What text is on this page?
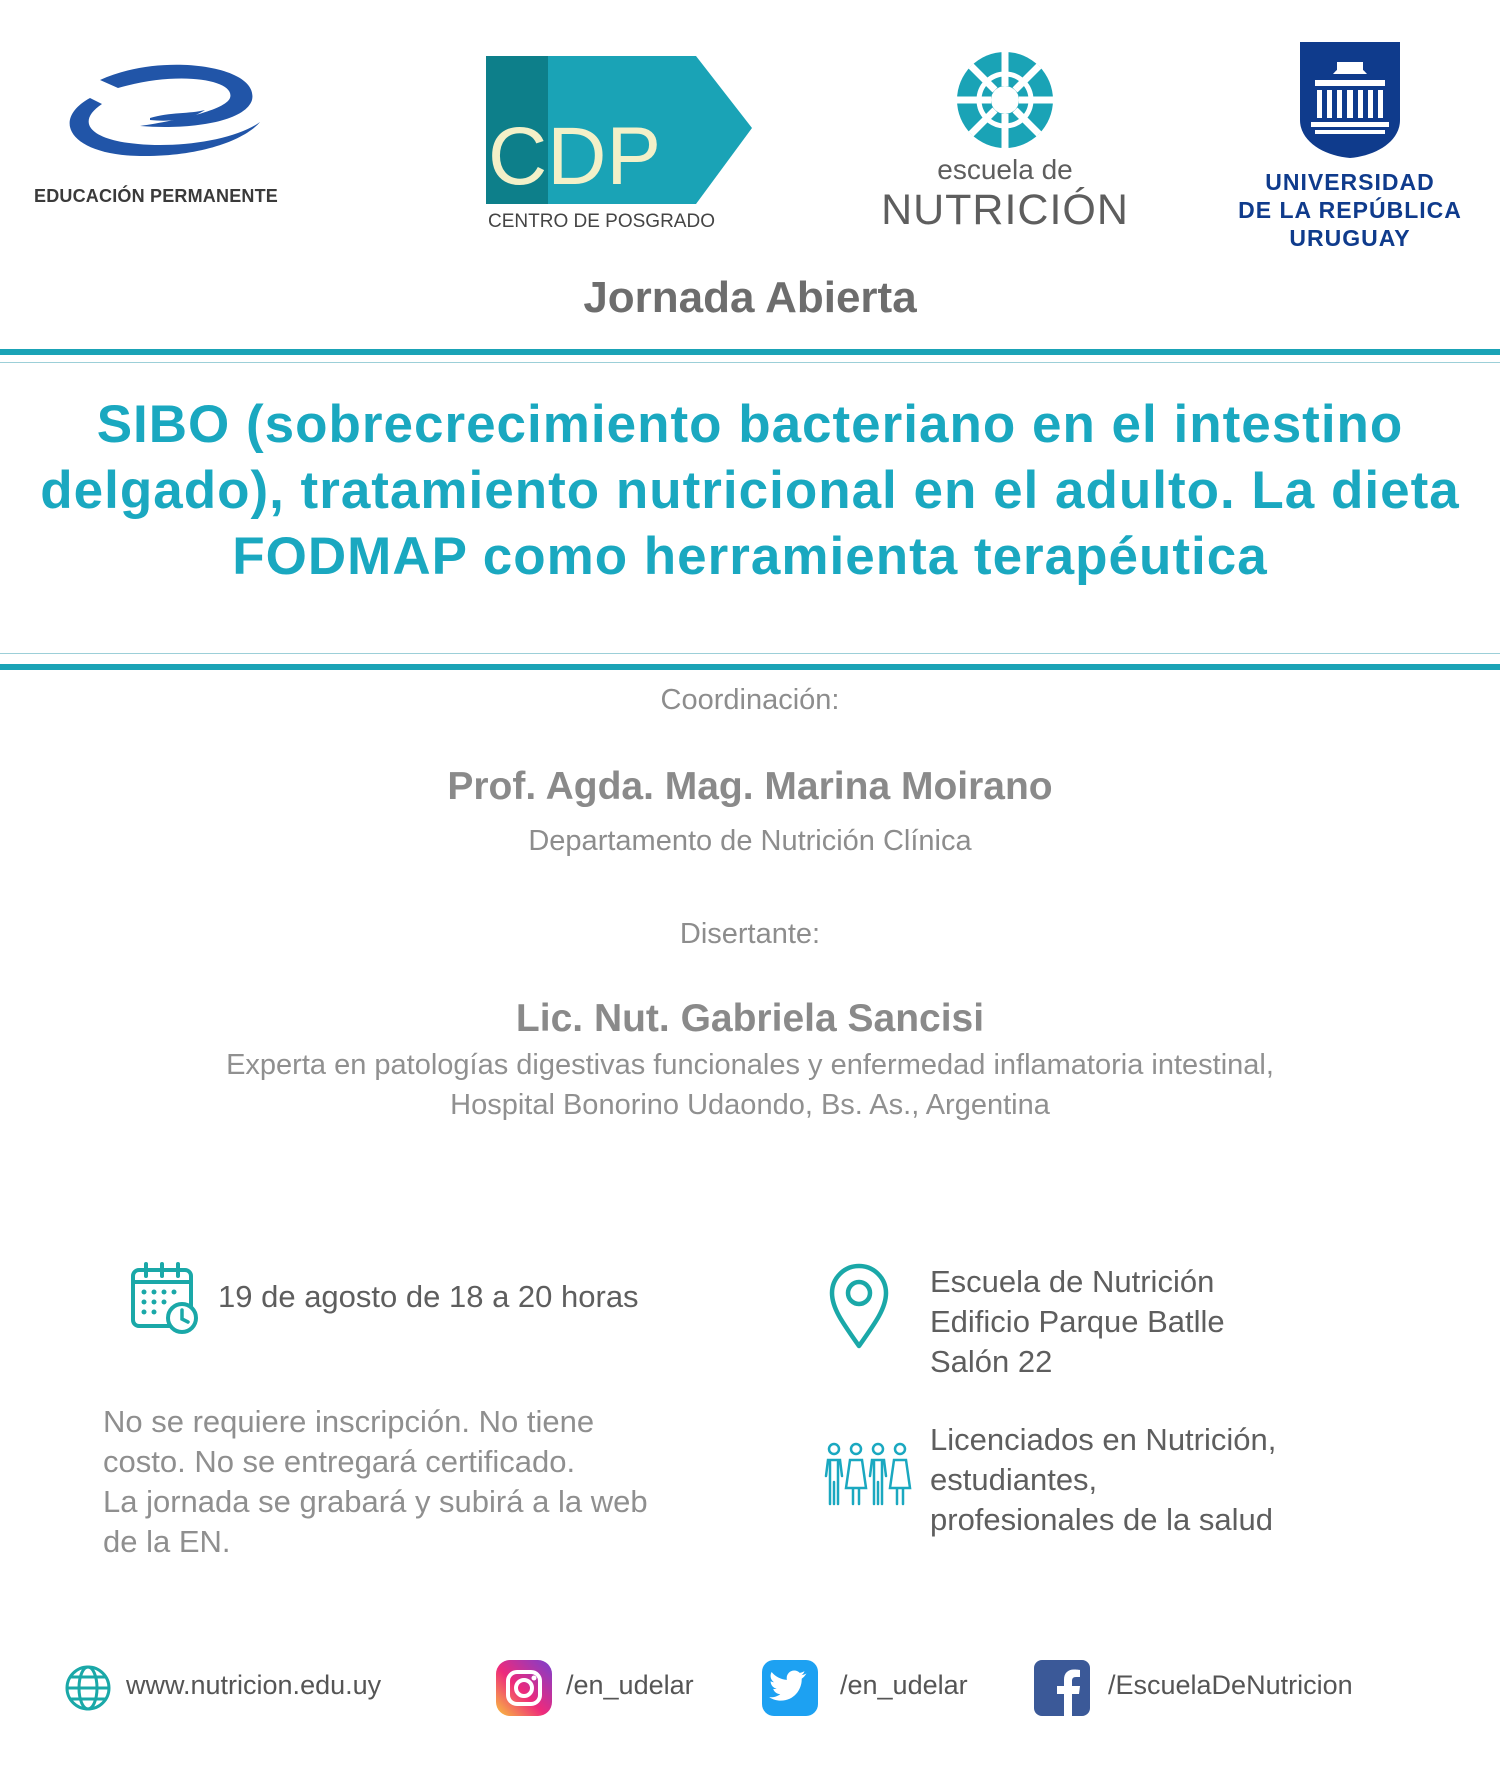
EDUCACIÓN PERMANENTE	CDP
CENTRO DE POSGRADO
escuela de
NUTRICIÓN
UNIVERSIDAD
DE LA REPÚBLICA
URUGUAY
Jornada Abierta
SIBO (sobrecrecimiento bacteriano en el intestino delgado), tratamiento nutricional en el adulto. La dieta FODMAP como herramienta terapéutica
Coordinación:
Prof. Agda. Mag. Marina Moirano
Departamento de Nutrición Clínica
Disertante:
Lic. Nut. Gabriela Sancisi
Experta en patologías digestivas funcionales y enfermedad inflamatoria intestinal,
Hospital Bonorino Udaondo, Bs. As., Argentina
19 de agosto de 18 a 20 horas
No se requiere inscripción. No tiene
costo. No se entregará certificado.
La jornada se grabará y subirá a la web
de la EN.
Escuela de Nutrición
Edificio Parque Batlle
Salón 22
Licenciados en Nutrición,
estudiantes,
profesionales de la salud
www.nutricion.edu.uy	/en_udelar	/en_udelar	/EscuelaDeNutricion
